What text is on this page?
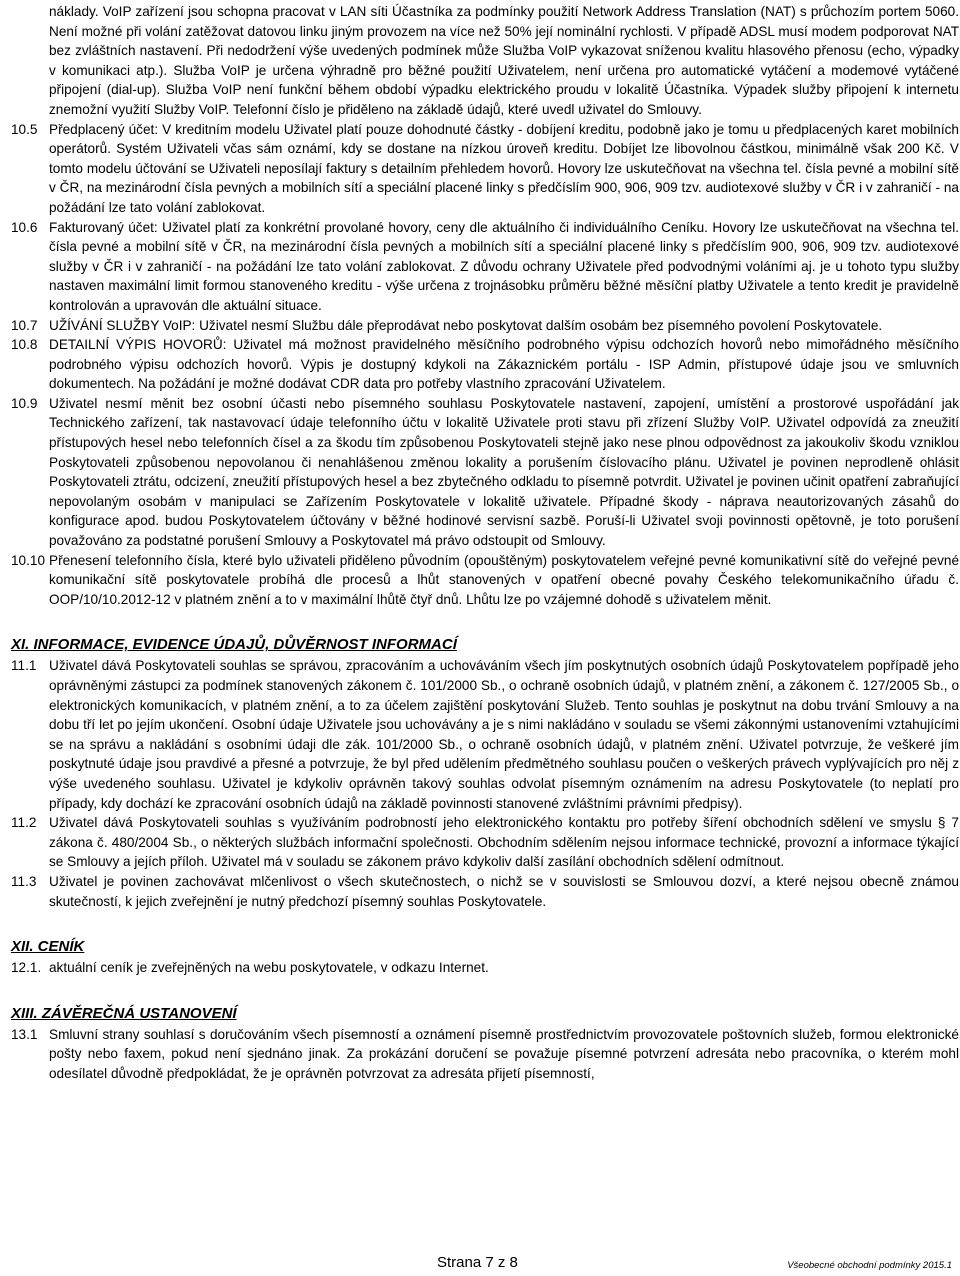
náklady. VoIP zařízení jsou schopna pracovat v LAN síti Účastníka za podmínky použití Network Address Translation (NAT) s průchozím portem 5060. Není možné při volání zatěžovat datovou linku jiným provozem na více než 50% její nominální rychlosti. V případě ADSL musí modem podporovat NAT bez zvláštních nastavení. Při nedodržení výše uvedených podmínek může Služba VoIP vykazovat sníženou kvalitu hlasového přenosu (echo, výpadky v komunikaci atp.). Služba VoIP je určena výhradně pro běžné použití Uživatelem, není určena pro automatické vytáčení a modemové vytáčené připojení (dial-up). Služba VoIP není funkční během období výpadku elektrického proudu v lokalitě Účastníka. Výpadek služby připojení k internetu znemožní využití Služby VoIP. Telefonní číslo je přiděleno na základě údajů, které uvedl uživatel do Smlouvy.
10.5 Předplacený účet: V kreditním modelu Uživatel platí pouze dohodnuté částky - dobíjení kreditu, podobně jako je tomu u předplacených karet mobilních operátorů. Systém Uživateli včas sám oznámí, kdy se dostane na nízkou úroveň kreditu. Dobíjet lze libovolnou částkou, minimálně však 200 Kč. V tomto modelu účtování se Uživateli neposílají faktury s detailním přehledem hovorů. Hovory lze uskutečňovat na všechna tel. čísla pevné a mobilní sítě v ČR, na mezinárodní čísla pevných a mobilních sítí a speciální placené linky s předčíslím 900, 906, 909 tzv. audiotexové služby v ČR i v zahraničí - na požádání lze tato volání zablokovat.
10.6 Fakturovaný účet: Uživatel platí za konkrétní provolané hovory, ceny dle aktuálního či individuálního Ceníku. Hovory lze uskutečňovat na všechna tel. čísla pevné a mobilní sítě v ČR, na mezinárodní čísla pevných a mobilních sítí a speciální placené linky s předčíslím 900, 906, 909 tzv. audiotexové služby v ČR i v zahraničí - na požádání lze tato volání zablokovat. Z důvodu ochrany Uživatele před podvodnými voláními aj. je u tohoto typu služby nastaven maximální limit formou stanoveného kreditu - výše určena z trojnásobku průměru běžné měsíční platby Uživatele a tento kredit je pravidelně kontrolován a upravován dle aktuální situace.
10.7 UŽÍVÁNÍ SLUŽBY VoIP: Uživatel nesmí Službu dále přeprodávat nebo poskytovat dalším osobám bez písemného povolení Poskytovatele.
10.8 DETAILNÍ VÝPIS HOVORŮ: Uživatel má možnost pravidelného měsíčního podrobného výpisu odchozích hovorů nebo mimořádného měsíčního podrobného výpisu odchozích hovorů. Výpis je dostupný kdykoli na Zákaznickém portálu - ISP Admin, přístupové údaje jsou ve smluvních dokumentech. Na požádání je možné dodávat CDR data pro potřeby vlastního zpracování Uživatelem.
10.9 Uživatel nesmí měnit bez osobní účasti nebo písemného souhlasu Poskytovatele nastavení, zapojení, umístění a prostorové uspořádání jak Technického zařízení, tak nastavovací údaje telefonního účtu v lokalitě Uživatele proti stavu při zřízení Služby VoIP. Uživatel odpovídá za zneužití přístupových hesel nebo telefonních čísel a za škodu tím způsobenou Poskytovateli stejně jako nese plnou odpovědnost za jakoukoliv škodu vzniklou Poskytovateli způsobenou nepovolanou či nenahlášenou změnou lokality a porušením číslovacího plánu. Uživatel je povinen neprodleně ohlásit Poskytovateli ztrátu, odcizení, zneužití přístupových hesel a bez zbytečného odkladu to písemně potvrdit. Uživatel je povinen učinit opatření zabraňující nepovolaným osobám v manipulaci se Zařízením Poskytovatele v lokalitě uživatele. Případné škody - náprava neautorizovaných zásahů do konfigurace apod. budou Poskytovatelem účtovány v běžné hodinové servisní sazbě. Poruší-li Uživatel svoji povinnosti opětovně, je toto porušení považováno za podstatné porušení Smlouvy a Poskytovatel má právo odstoupit od Smlouvy.
10.10 Přenesení telefonního čísla, které bylo uživateli přiděleno původním (opouštěným) poskytovatelem veřejné pevné komunikativní sítě do veřejné pevné komunikační sítě poskytovatele probíhá dle procesů a lhůt stanovených v opatření obecné povahy Českého telekomunikačního úřadu č. OOP/10/10.2012-12 v platném znění a to v maximální lhůtě čtyř dnů. Lhůtu lze po vzájemné dohodě s uživatelem měnit.
XI. INFORMACE, EVIDENCE ÚDAJŮ, DŮVĚRNOST INFORMACÍ
11.1 Uživatel dává Poskytovateli souhlas se správou, zpracováním a uchováváním všech jím poskytnutých osobních údajů Poskytovatelem popřípadě jeho oprávněnými zástupci za podmínek stanovených zákonem č. 101/2000 Sb., o ochraně osobních údajů, v platném znění, a zákonem č. 127/2005 Sb., o elektronických komunikacích, v platném znění, a to za účelem zajištění poskytování Služeb. Tento souhlas je poskytnut na dobu trvání Smlouvy a na dobu tří let po jejím ukončení. Osobní údaje Uživatele jsou uchovávány a je s nimi nakládáno v souladu se všemi zákonnými ustanoveními vztahujícími se na správu a nakládání s osobními údaji dle zák. 101/2000 Sb., o ochraně osobních údajů, v platném znění. Uživatel potvrzuje, že veškeré jím poskytnuté údaje jsou pravdivé a přesné a potvrzuje, že byl před udělením předmětného souhlasu poučen o veškerých právech vyplývajících pro něj z výše uvedeného souhlasu. Uživatel je kdykoliv oprávněn takový souhlas odvolat písemným oznámením na adresu Poskytovatele (to neplatí pro případy, kdy dochází ke zpracování osobních údajů na základě povinnosti stanovené zvláštními právními předpisy).
11.2 Uživatel dává Poskytovateli souhlas s využíváním podrobností jeho elektronického kontaktu pro potřeby šíření obchodních sdělení ve smyslu § 7 zákona č. 480/2004 Sb., o některých službách informační společnosti. Obchodním sdělením nejsou informace technické, provozní a informace týkající se Smlouvy a jejích příloh. Uživatel má v souladu se zákonem právo kdykoliv další zasílání obchodních sdělení odmítnout.
11.3 Uživatel je povinen zachovávat mlčenlivost o všech skutečnostech, o nichž se v souvislosti se Smlouvou dozví, a které nejsou obecně známou skutečností, k jejich zveřejnění je nutný předchozí písemný souhlas Poskytovatele.
XII. CENÍK
12.1. aktuální ceník je zveřejněných na webu poskytovatele, v odkazu Internet.
XIII. ZÁVĚREČNÁ USTANOVENÍ
13.1 Smluvní strany souhlasí s doručováním všech písemností a oznámení písemně prostřednictvím provozovatele poštovních služeb, formou elektronické pošty nebo faxem, pokud není sjednáno jinak. Za prokázání doručení se považuje písemné potvrzení adresáta nebo pracovníka, o kterém mohl odesílatel důvodně předpokládat, že je oprávněn potvrzovat za adresáta přijetí písemností,
Strana 7 z 8	Všeobecné obchodní podmínky 2015.1
